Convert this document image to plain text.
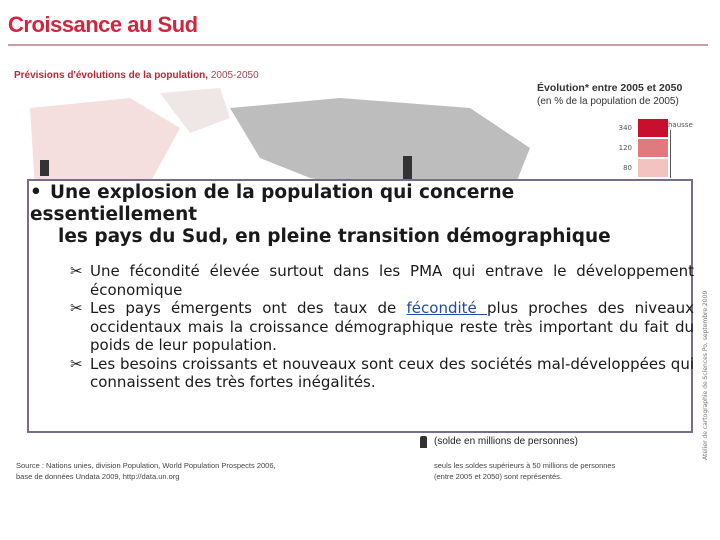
Croissance au Sud
Prévisions d'évolutions de la population, 2005-2050
Évolution* entre 2005 et 2050
(en % de la population de 2005)
340
120
80
hausse
(solde en millions de personnes)
seuls les soldes supérieurs à 50 millions de personnes
(entre 2005 et 2050) sont représentés.
Source : Nations unies, division Population, World Population Prospects 2006,
base de données Undata 2009, http://data.un.org
Atelier de cartographie de Sciences Po, septembre 2009
• Une explosion de la population qui concerne essentiellement
les pays du Sud, en pleine transition démographique

✂ Une fécondité élevée surtout dans les PMA qui entrave le développement économique

✂ Les pays émergents ont des taux de fécondité plus proches des niveaux occidentaux mais la croissance démographique reste très important du fait du poids de leur population.

✂ Les besoins croissants et nouveaux sont ceux des sociétés mal-développées qui connaissent des très fortes inégalités.
